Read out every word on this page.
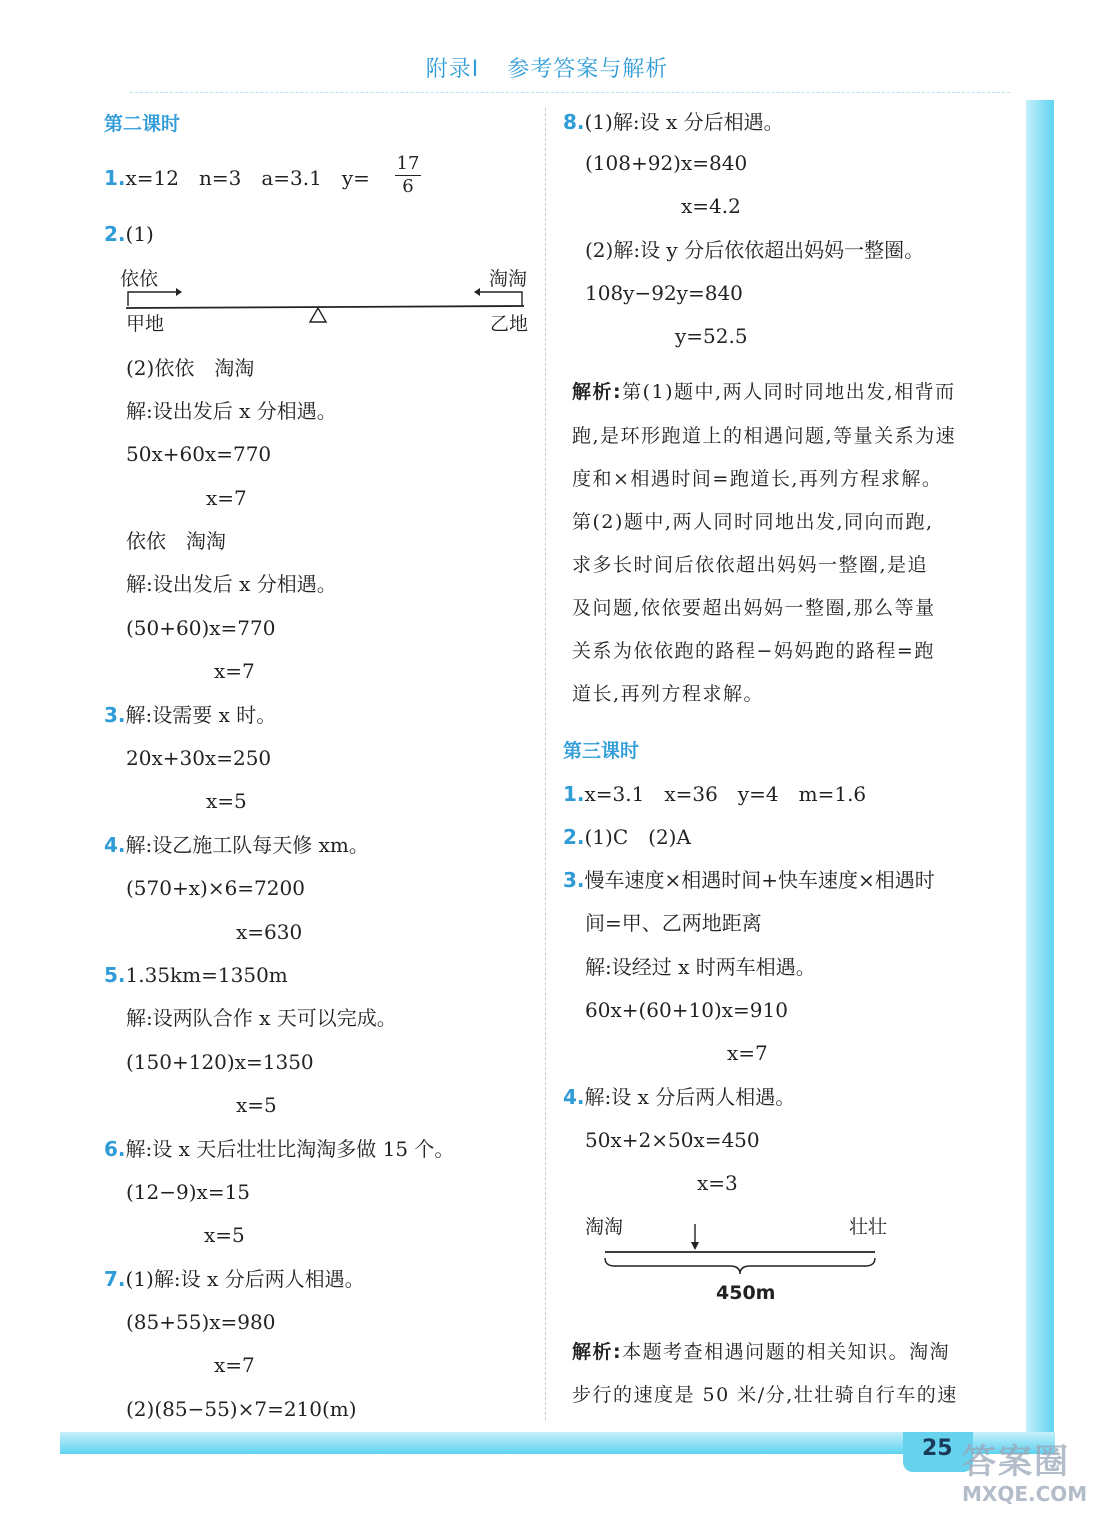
25 答案圈
MXQE.COM
附录Ⅰ 参考答案与解析
第二课时
1.x=12　n=3　a=3.1　y=
17
6
2.(1)
依依	淘淘
甲地	乙地
(2)依依　淘淘
解:设出发后 x 分相遇。
50x+60x=770
x=7
依依　淘淘
解:设出发后 x 分相遇。
(50+60)x=770
x=7
3.解:设需要 x 时。
20x+30x=250
x=5
4.解:设乙施工队每天修 xm。
(570+x)×6=7200
x=630
5.1.35km=1350m
解:设两队合作 x 天可以完成。
(150+120)x=1350
x=5
6.解:设 x 天后壮壮比淘淘多做 15 个。
(12−9)x=15
x=5
7.(1)解:设 x 分后两人相遇。
(85+55)x=980
x=7
(2)(85−55)×7=210(m)
8.(1)解:设 x 分后相遇。
(108+92)x=840
x=4.2
(2)解:设 y 分后依依超出妈妈一整圈。
108y−92y=840
y=52.5
解析:第(1)题中,两人同时同地出发,相背而
跑,是环形跑道上的相遇问题,等量关系为速
度和×相遇时间=跑道长,再列方程求解。
第(2)题中,两人同时同地出发,同向而跑,
求多长时间后依依超出妈妈一整圈,是追
及问题,依依要超出妈妈一整圈,那么等量
关系为依依跑的路程−妈妈跑的路程=跑
道长,再列方程求解。
第三课时
1.x=3.1　x=36　y=4　m=1.6
2.(1)C　(2)A
3.慢车速度×相遇时间+快车速度×相遇时
间=甲、乙两地距离
解:设经过 x 时两车相遇。
60x+(60+10)x=910
x=7
4.解:设 x 分后两人相遇。
50x+2×50x=450
x=3
淘淘	壮壮
450m
解析:本题考查相遇问题的相关知识。淘淘
步行的速度是 50 米/分,壮壮骑自行车的速
